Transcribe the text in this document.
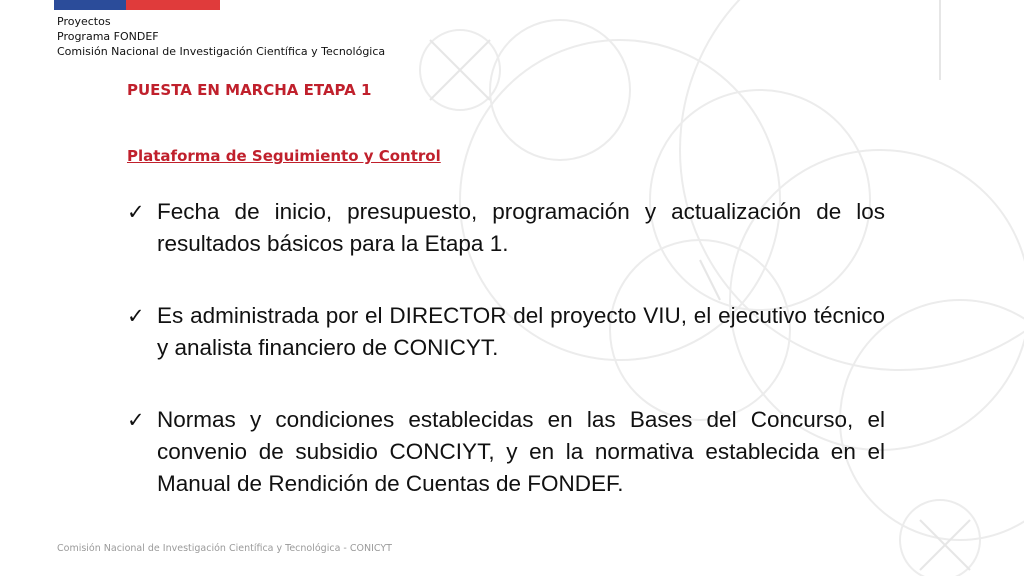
Proyectos
Programa FONDEF
Comisión Nacional de Investigación Científica y Tecnológica
PUESTA EN MARCHA ETAPA 1
Plataforma de Seguimiento y Control
✓ Fecha de inicio, presupuesto, programación y actualización de los resultados básicos para la Etapa 1.
✓ Es administrada por el DIRECTOR del proyecto VIU, el ejecutivo técnico y analista financiero de CONICYT.
✓ Normas y condiciones establecidas en las Bases del Concurso, el convenio de subsidio CONCIYT, y en la normativa establecida en el Manual de Rendición de Cuentas de FONDEF.
Comisión Nacional de Investigación Científica y Tecnológica - CONICYT
